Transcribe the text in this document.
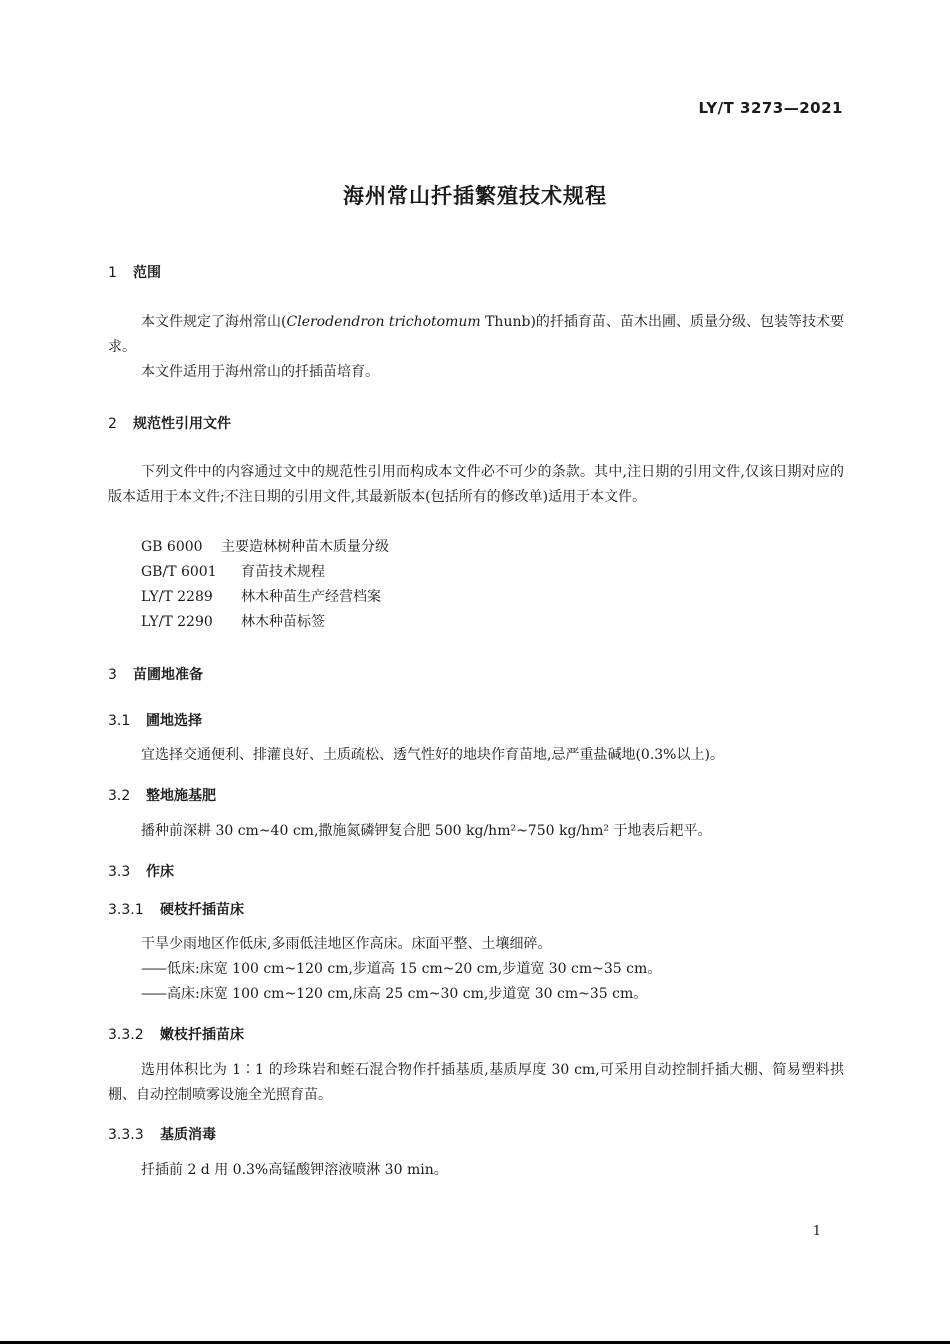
LY/T 3273—2021
海州常山扦插繁殖技术规程
1 范围
本文件规定了海州常山(Clerodendron trichotomum Thunb)的扦插育苗、苗木出圃、质量分级、包装等技术要求。
本文件适用于海州常山的扦插苗培育。
2 规范性引用文件
下列文件中的内容通过文中的规范性引用而构成本文件必不可少的条款。其中,注日期的引用文件,仅该日期对应的版本适用于本文件;不注日期的引用文件,其最新版本(包括所有的修改单)适用于本文件。
GB 6000 主要造林树种苗木质量分级
GB/T 6001 育苗技术规程
LY/T 2289 林木种苗生产经营档案
LY/T 2290 林木种苗标签
3 苗圃地准备
3.1 圃地选择
宜选择交通便利、排灌良好、土质疏松、透气性好的地块作育苗地,忌严重盐碱地(0.3%以上)。
3.2 整地施基肥
播种前深耕 30 cm~40 cm,撒施氮磷钾复合肥 500 kg/hm²~750 kg/hm² 于地表后耙平。
3.3 作床
3.3.1 硬枝扦插苗床
干旱少雨地区作低床,多雨低洼地区作高床。床面平整、土壤细碎。
—— 低床:床宽 100 cm~120 cm,步道高 15 cm~20 cm,步道宽 30 cm~35 cm。
—— 高床:床宽 100 cm~120 cm,床高 25 cm~30 cm,步道宽 30 cm~35 cm。
3.3.2 嫩枝扦插苗床
选用体积比为 1∶1 的珍珠岩和蛭石混合物作扦插基质,基质厚度 30 cm,可采用自动控制扦插大棚、简易塑料拱棚、自动控制喷雾设施全光照育苗。
3.3.3 基质消毒
扦插前 2 d 用 0.3%高锰酸钾溶液喷淋 30 min。
1
